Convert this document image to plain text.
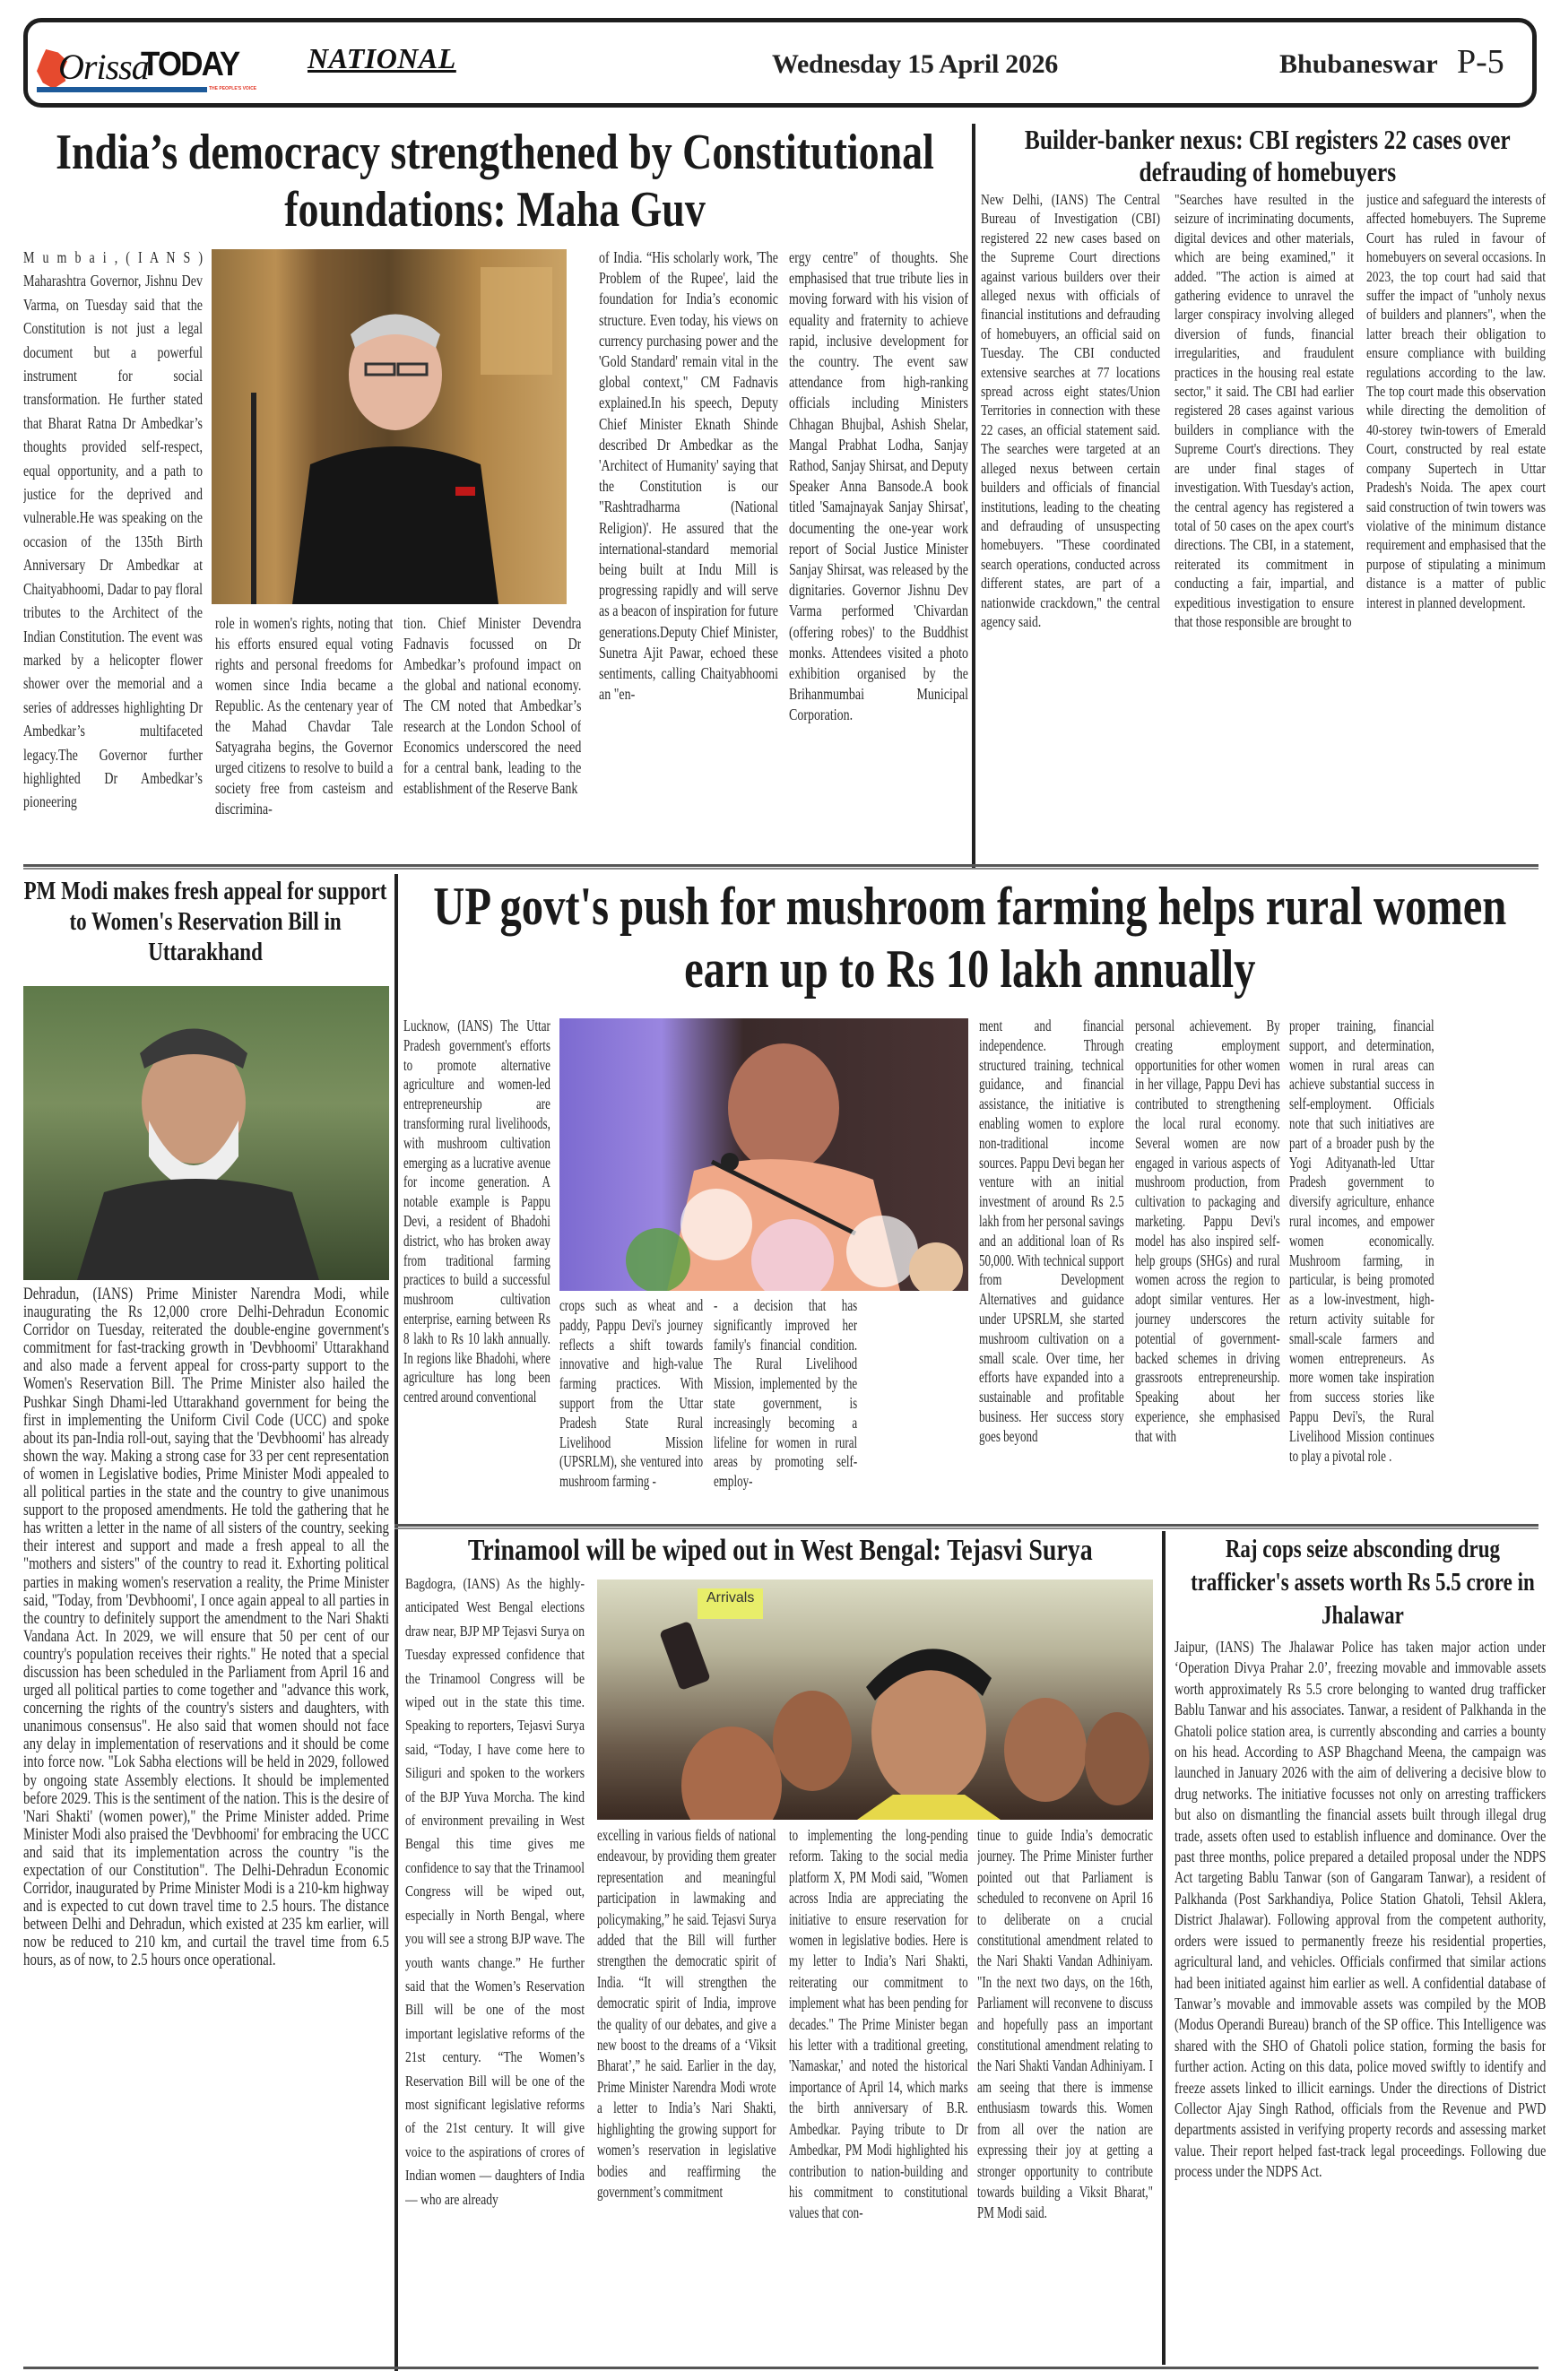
Orissa
TODAY
THE PEOPLE'S VOICE
NATIONAL	Wednesday 15 April 2026	Bhubaneswar P-5
India’s democracy strengthened by Constitutional foundations: Maha Guv
M u m b a i , ( I A N S ) Maharashtra Governor, Jishnu Dev Varma, on Tuesday said that the Constitution is not just a legal document but a powerful instrument for social transformation. He further stated that Bharat Ratna Dr Ambedkar’s thoughts provided self-respect, equal opportunity, and a path to justice for the deprived and vulnerable.He was speaking on the occasion of the 135th Birth Anniversary Dr Ambedkar at Chaityabhoomi, Dadar to pay floral tributes to the Architect of the Indian Constitution. The event was marked by a helicopter flower shower over the memorial and a series of addresses highlighting Dr Ambedkar’s multifaceted legacy.The Governor further highlighted Dr Ambedkar’s pioneering
role in women's rights, noting that his efforts ensured equal voting rights and personal freedoms for women since India became a Republic. As the centenary year of the Mahad Chavdar Tale Satyagraha begins, the Governor urged citizens to resolve to build a society free from casteism and discrimina-
tion. Chief Minister Devendra Fadnavis focussed on Dr Ambedkar’s profound impact on the global and national economy. The CM noted that Ambedkar’s research at the London School of Economics underscored the need for a central bank, leading to the establishment of the Reserve Bank
of India. “His scholarly work, 'The Problem of the Rupee', laid the foundation for India’s economic structure. Even today, his views on currency purchasing power and the 'Gold Standard' remain vital in the global context," CM Fadnavis explained.In his speech, Deputy Chief Minister Eknath Shinde described Dr Ambedkar as the 'Architect of Humanity' saying that the Constitution is our "Rashtradharma (National Religion)'. He assured that the international-standard memorial being built at Indu Mill is progressing rapidly and will serve as a beacon of inspiration for future generations.Deputy Chief Minister, Sunetra Ajit Pawar, echoed these sentiments, calling Chaityabhoomi an "en-
ergy centre" of thoughts. She emphasised that true tribute lies in moving forward with his vision of equality and fraternity to achieve rapid, inclusive development for the country. The event saw attendance from high-ranking officials including Ministers Chhagan Bhujbal, Ashish Shelar, Mangal Prabhat Lodha, Sanjay Rathod, Sanjay Shirsat, and Deputy Speaker Anna Bansode.A book titled 'Samajnayak Sanjay Shirsat', documenting the one-year work report of Social Justice Minister Sanjay Shirsat, was released by the dignitaries. Governor Jishnu Dev Varma performed 'Chivardan (offering robes)' to the Buddhist monks. Attendees visited a photo exhibition organised by the Brihanmumbai Municipal Corporation.
Builder-banker nexus: CBI registers 22 cases over defrauding of homebuyers
New Delhi, (IANS) The Central Bureau of Investigation (CBI) registered 22 new cases based on the Supreme Court directions against various builders over their alleged nexus with officials of financial institutions and defrauding of homebuyers, an official said on Tuesday. The CBI conducted extensive searches at 77 locations spread across eight states/Union Territories in connection with these 22 cases, an official statement said. The searches were targeted at an alleged nexus between certain builders and officials of financial institutions, leading to the cheating and defrauding of unsuspecting homebuyers. "These coordinated search operations, conducted across different states, are part of a nationwide crackdown," the central agency said.
"Searches have resulted in the seizure of incriminating documents, digital devices and other materials, which are being examined," it added. "The action is aimed at gathering evidence to unravel the larger conspiracy involving alleged diversion of funds, financial irregularities, and fraudulent practices in the housing real estate sector," it said. The CBI had earlier registered 28 cases against various builders in compliance with the Supreme Court's directions. They are under final stages of investigation. With Tuesday's action, the central agency has registered a total of 50 cases on the apex court's directions. The CBI, in a statement, reiterated its commitment in conducting a fair, impartial, and expeditious investigation to ensure that those responsible are brought to
justice and safeguard the interests of affected homebuyers. The Supreme Court has ruled in favour of homebuyers on several occasions. In 2023, the top court had said that suffer the impact of "unholy nexus of builders and planners", when the latter breach their obligation to ensure compliance with building regulations according to the law. The top court made this observation while directing the demolition of 40-storey twin-towers of Emerald Court, constructed by real estate company Supertech in Uttar Pradesh's Noida. The apex court said construction of twin towers was violative of the minimum distance requirement and emphasised that the purpose of stipulating a minimum distance is a matter of public interest in planned development.
PM Modi makes fresh appeal for support to Women's Reservation Bill in Uttarakhand
Dehradun, (IANS) Prime Minister Narendra Modi, while inaugurating the Rs 12,000 crore Delhi-Dehradun Economic Corridor on Tuesday, reiterated the double-engine government's commitment for fast-tracking growth in 'Devbhoomi' Uttarakhand and also made a fervent appeal for cross-party support to the Women's Reservation Bill. The Prime Minister also hailed the Pushkar Singh Dhami-led Uttarakhand government for being the first in implementing the Uniform Civil Code (UCC) and spoke about its pan-India roll-out, saying that the 'Devbhoomi' has already shown the way. Making a strong case for 33 per cent representation of women in Legislative bodies, Prime Minister Modi appealed to all political parties in the state and the country to give unanimous support to the proposed amendments. He told the gathering that he has written a letter in the name of all sisters of the country, seeking their interest and support and made a fresh appeal to all the "mothers and sisters" of the country to read it. Exhorting political parties in making women's reservation a reality, the Prime Minister said, "Today, from 'Devbhoomi', I once again appeal to all parties in the country to definitely support the amendment to the Nari Shakti Vandana Act. In 2029, we will ensure that 50 per cent of our country's population receives their rights." He noted that a special discussion has been scheduled in the Parliament from April 16 and urged all political parties to come together and "advance this work, concerning the rights of the country's sisters and daughters, with unanimous consensus". He also said that women should not face any delay in implementation of reservations and it should be come into force now. "Lok Sabha elections will be held in 2029, followed by ongoing state Assembly elections. It should be implemented before 2029. This is the sentiment of the nation. This is the desire of 'Nari Shakti' (women power)," the Prime Minister added. Prime Minister Modi also praised the 'Devbhoomi' for embracing the UCC and said that its implementation across the country "is the expectation of our Constitution". The Delhi-Dehradun Economic Corridor, inaugurated by Prime Minister Modi is a 210-km highway and is expected to cut down travel time to 2.5 hours. The distance between Delhi and Dehradun, which existed at 235 km earlier, will now be reduced to 210 km, and curtail the travel time from 6.5 hours, as of now, to 2.5 hours once operational.
UP govt's push for mushroom farming helps rural women earn up to Rs 10 lakh annually
Lucknow, (IANS) The Uttar Pradesh government's efforts to promote alternative agriculture and women-led entrepreneurship are transforming rural livelihoods, with mushroom cultivation emerging as a lucrative avenue for income generation. A notable example is Pappu Devi, a resident of Bhadohi district, who has broken away from traditional farming practices to build a successful mushroom cultivation enterprise, earning between Rs 8 lakh to Rs 10 lakh annually. In regions like Bhadohi, where agriculture has long been centred around conventional
crops such as wheat and paddy, Pappu Devi's journey reflects a shift towards innovative and high-value farming practices. With support from the Uttar Pradesh State Rural Livelihood Mission (UPSRLM), she ventured into mushroom farming -
- a decision that has significantly improved her family's financial condition. The Rural Livelihood Mission, implemented by the state government, is increasingly becoming a lifeline for women in rural areas by promoting self-employ-
ment and financial independence. Through structured training, technical guidance, and financial assistance, the initiative is enabling women to explore non-traditional income sources. Pappu Devi began her venture with an initial investment of around Rs 2.5 lakh from her personal savings and an additional loan of Rs 50,000. With technical support from Development Alternatives and guidance under UPSRLM, she started mushroom cultivation on a small scale. Over time, her efforts have expanded into a sustainable and profitable business. Her success story goes beyond
personal achievement. By creating employment opportunities for other women in her village, Pappu Devi has contributed to strengthening the local rural economy. Several women are now engaged in various aspects of mushroom production, from cultivation to packaging and marketing. Pappu Devi's model has also inspired self-help groups (SHGs) and rural women across the region to adopt similar ventures. Her journey underscores the potential of government-backed schemes in driving grassroots entrepreneurship. Speaking about her experience, she emphasised that with
proper training, financial support, and determination, women in rural areas can achieve substantial success in self-employment. Officials note that such initiatives are part of a broader push by the Yogi Adityanath-led Uttar Pradesh government to diversify agriculture, enhance rural incomes, and empower women economically. Mushroom farming, in particular, is being promoted as a low-investment, high-return activity suitable for small-scale farmers and women entrepreneurs. As more women take inspiration from success stories like Pappu Devi's, the Rural Livelihood Mission continues to play a pivotal role .
Trinamool will be wiped out in West Bengal: Tejasvi Surya
Bagdogra, (IANS) As the highly-anticipated West Bengal elections draw near, BJP MP Tejasvi Surya on Tuesday expressed confidence that the Trinamool Congress will be wiped out in the state this time. Speaking to reporters, Tejasvi Surya said, “Today, I have come here to Siliguri and spoken to the workers of the BJP Yuva Morcha. The kind of environment prevailing in West Bengal this time gives me confidence to say that the Trinamool Congress will be wiped out, especially in North Bengal, where you will see a strong BJP wave. The youth wants change.” He further said that the Women’s Reservation Bill will be one of the most important legislative reforms of the 21st century. “The Women’s Reservation Bill will be one of the most significant legislative reforms of the 21st century. It will give voice to the aspirations of crores of Indian women — daughters of India — who are already
Arrivals
excelling in various fields of national endeavour, by providing them greater representation and meaningful participation in lawmaking and policymaking,” he said. Tejasvi Surya added that the Bill will further strengthen the democratic spirit of India. “It will strengthen the democratic spirit of India, improve the quality of our debates, and give a new boost to the dreams of a ‘Viksit Bharat’,” he said. Earlier in the day, Prime Minister Narendra Modi wrote a letter to India’s Nari Shakti, highlighting the growing support for women’s reservation in legislative bodies and reaffirming the government’s commitment
to implementing the long-pending reform. Taking to the social media platform X, PM Modi said, "Women across India are appreciating the initiative to ensure reservation for women in legislative bodies. Here is my letter to India’s Nari Shakti, reiterating our commitment to implement what has been pending for decades." The Prime Minister began his letter with a traditional greeting, 'Namaskar,' and noted the historical importance of April 14, which marks the birth anniversary of B.R. Ambedkar. Paying tribute to Dr Ambedkar, PM Modi highlighted his contribution to nation-building and his commitment to constitutional values that con-
tinue to guide India’s democratic journey. The Prime Minister further pointed out that Parliament is scheduled to reconvene on April 16 to deliberate on a crucial constitutional amendment related to the Nari Shakti Vandan Adhiniyam. "In the next two days, on the 16th, Parliament will reconvene to discuss and hopefully pass an important constitutional amendment relating to the Nari Shakti Vandan Adhiniyam. I am seeing that there is immense enthusiasm towards this. Women from all over the nation are expressing their joy at getting a stronger opportunity to contribute towards building a Viksit Bharat," PM Modi said.
Raj cops seize absconding drug trafficker's assets worth Rs 5.5 crore in Jhalawar
Jaipur, (IANS) The Jhalawar Police has taken major action under ‘Operation Divya Prahar 2.0’, freezing movable and immovable assets worth approximately Rs 5.5 crore belonging to wanted drug trafficker Bablu Tanwar and his associates. Tanwar, a resident of Palkhanda in the Ghatoli police station area, is currently absconding and carries a bounty on his head. According to ASP Bhagchand Meena, the campaign was launched in January 2026 with the aim of delivering a decisive blow to drug networks. The initiative focusses not only on arresting traffickers but also on dismantling the financial assets built through illegal drug trade, assets often used to establish influence and dominance. Over the past three months, police prepared a detailed proposal under the NDPS Act targeting Bablu Tanwar (son of Gangaram Tanwar), a resident of Palkhanda (Post Sarkhandiya, Police Station Ghatoli, Tehsil Aklera, District Jhalawar). Following approval from the competent authority, orders were issued to permanently freeze his residential properties, agricultural land, and vehicles. Officials confirmed that similar actions had been initiated against him earlier as well. A confidential database of Tanwar’s movable and immovable assets was compiled by the MOB (Modus Operandi Bureau) branch of the SP office. This Intelligence was shared with the SHO of Ghatoli police station, forming the basis for further action. Acting on this data, police moved swiftly to identify and freeze assets linked to illicit earnings. Under the directions of District Collector Ajay Singh Rathod, officials from the Revenue and PWD departments assisted in verifying property records and assessing market value. Their report helped fast-track legal proceedings. Following due process under the NDPS Act.
